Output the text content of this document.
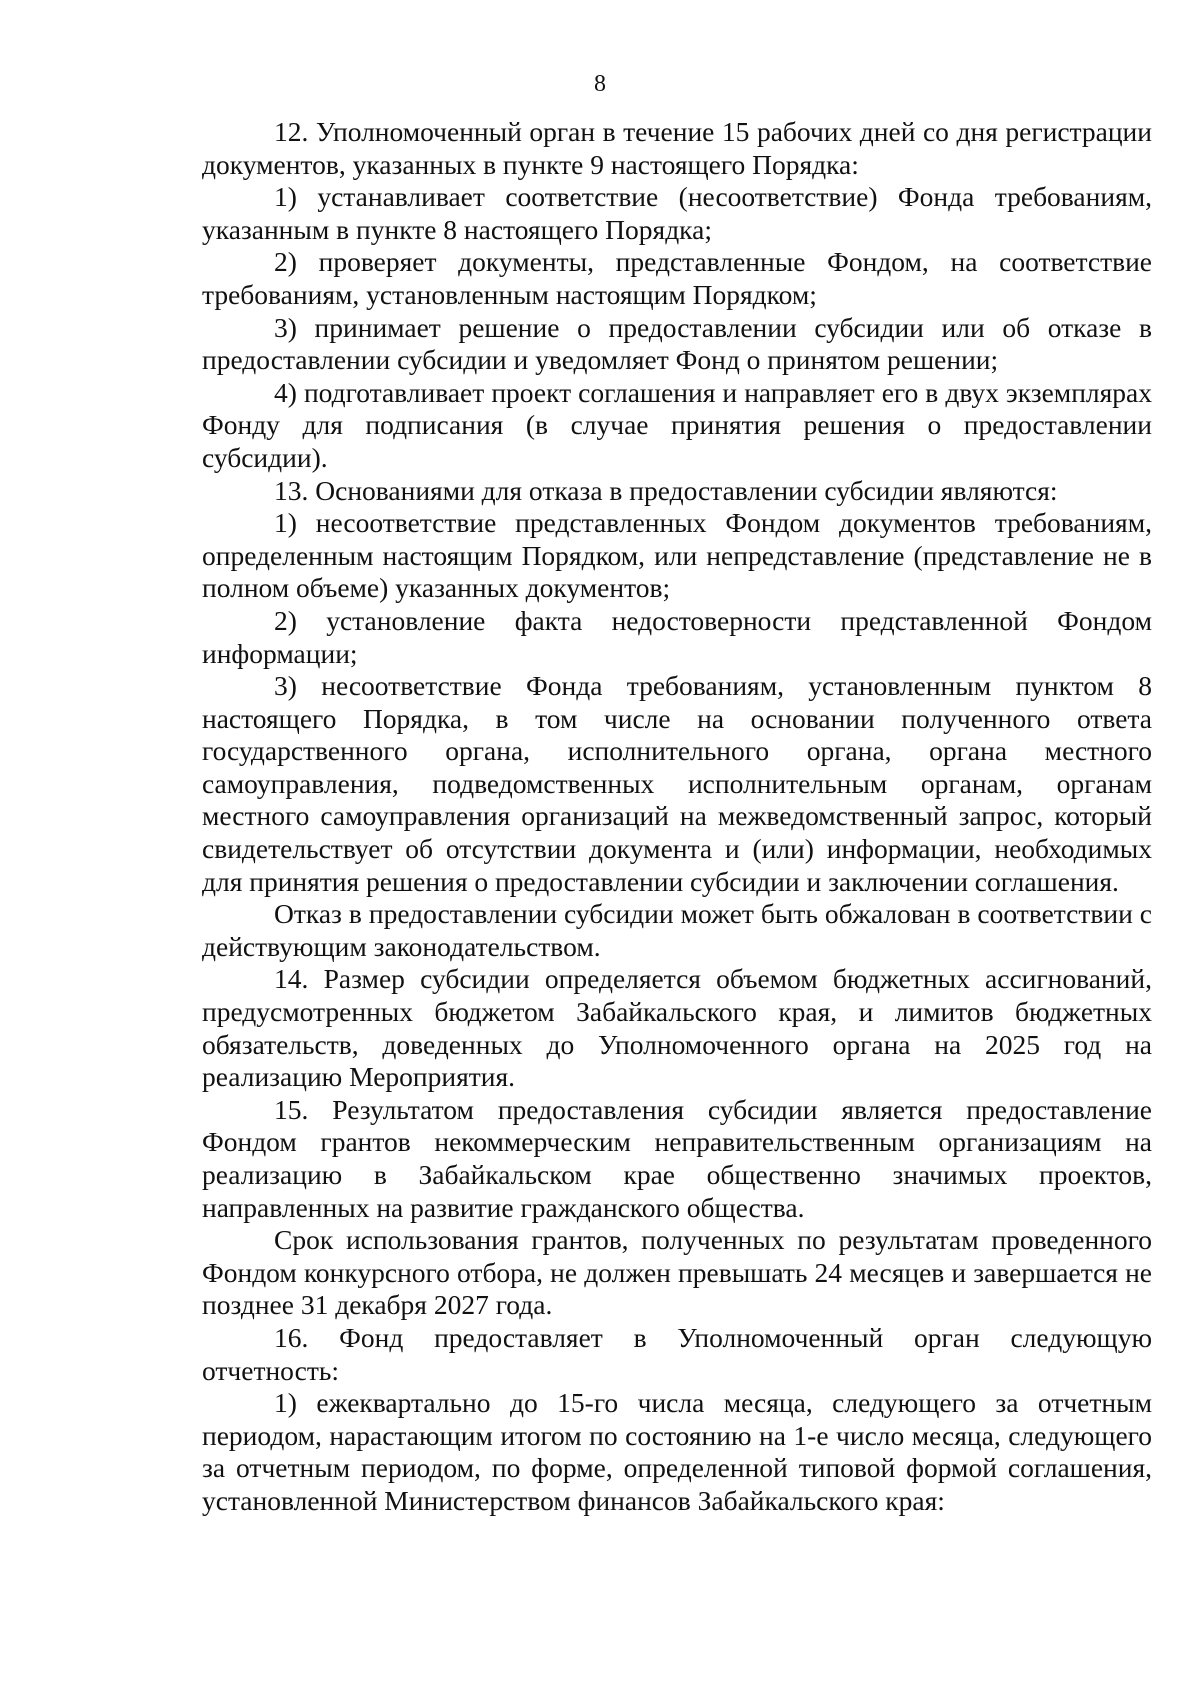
8

12. Уполномоченный орган в течение 15 рабочих дней со дня регистрации документов, указанных в пункте 9 настоящего Порядка:

1) устанавливает соответствие (несоответствие) Фонда требованиям, указанным в пункте 8 настоящего Порядка;

2) проверяет документы, представленные Фондом, на соответствие требованиям, установленным настоящим Порядком;

3) принимает решение о предоставлении субсидии или об отказе в предоставлении субсидии и уведомляет Фонд о принятом решении;

4) подготавливает проект соглашения и направляет его в двух экземплярах Фонду для подписания (в случае принятия решения о предоставлении субсидии).

13. Основаниями для отказа в предоставлении субсидии являются:

1) несоответствие представленных Фондом документов требованиям, определенным настоящим Порядком, или непредставление (представление не в полном объеме) указанных документов;

2) установление факта недостоверности представленной Фондом информации;

3) несоответствие Фонда требованиям, установленным пунктом 8 настоящего Порядка, в том числе на основании полученного ответа государственного органа, исполнительного органа, органа местного самоуправления, подведомственных исполнительным органам, органам местного самоуправления организаций на межведомственный запрос, который свидетельствует об отсутствии документа и (или) информации, необходимых для принятия решения о предоставлении субсидии и заключении соглашения.

Отказ в предоставлении субсидии может быть обжалован в соответствии с действующим законодательством.

14. Размер субсидии определяется объемом бюджетных ассигнований, предусмотренных бюджетом Забайкальского края, и лимитов бюджетных обязательств, доведенных до Уполномоченного органа на 2025 год на реализацию Мероприятия.

15. Результатом предоставления субсидии является предоставление Фондом грантов некоммерческим неправительственным организациям на реализацию в Забайкальском крае общественно значимых проектов, направленных на развитие гражданского общества.

Срок использования грантов, полученных по результатам проведенного Фондом конкурсного отбора, не должен превышать 24 месяцев и завершается не позднее 31 декабря 2027 года.

16. Фонд предоставляет в Уполномоченный орган следующую отчетность:

1) ежеквартально до 15-го числа месяца, следующего за отчетным периодом, нарастающим итогом по состоянию на 1-е число месяца, следующего за отчетным периодом, по форме, определенной типовой формой соглашения, установленной Министерством финансов Забайкальского края:
